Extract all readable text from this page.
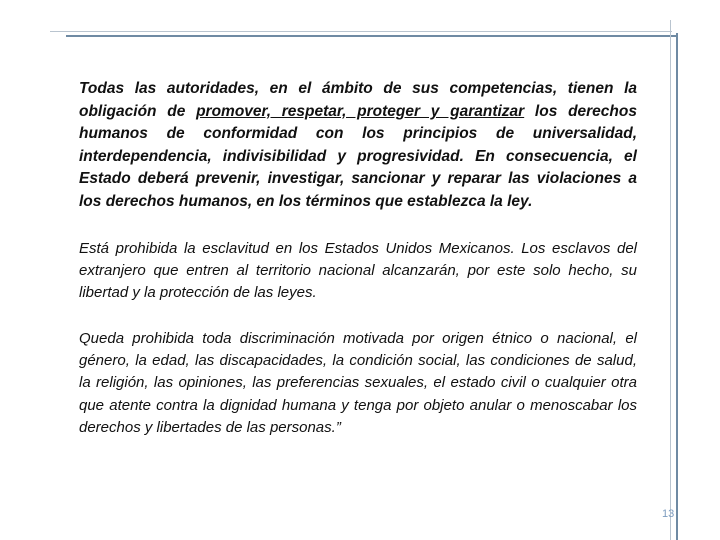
Todas las autoridades, en el ámbito de sus competencias, tienen la obligación de promover, respetar, proteger y garantizar los derechos humanos de conformidad con los principios de universalidad, interdependencia, indivisibilidad y progresividad. En consecuencia, el Estado deberá prevenir, investigar, sancionar y reparar las violaciones a los derechos humanos, en los términos que establezca la ley.

Está prohibida la esclavitud en los Estados Unidos Mexicanos. Los esclavos del extranjero que entren al territorio nacional alcanzarán, por este solo hecho, su libertad y la protección de las leyes.

Queda prohibida toda discriminación motivada por origen étnico o nacional, el género, la edad, las discapacidades, la condición social, las condiciones de salud, la religión, las opiniones, las preferencias sexuales, el estado civil o cualquier otra que atente contra la dignidad humana y tenga por objeto anular o menoscabar los derechos y libertades de las personas.”

13
